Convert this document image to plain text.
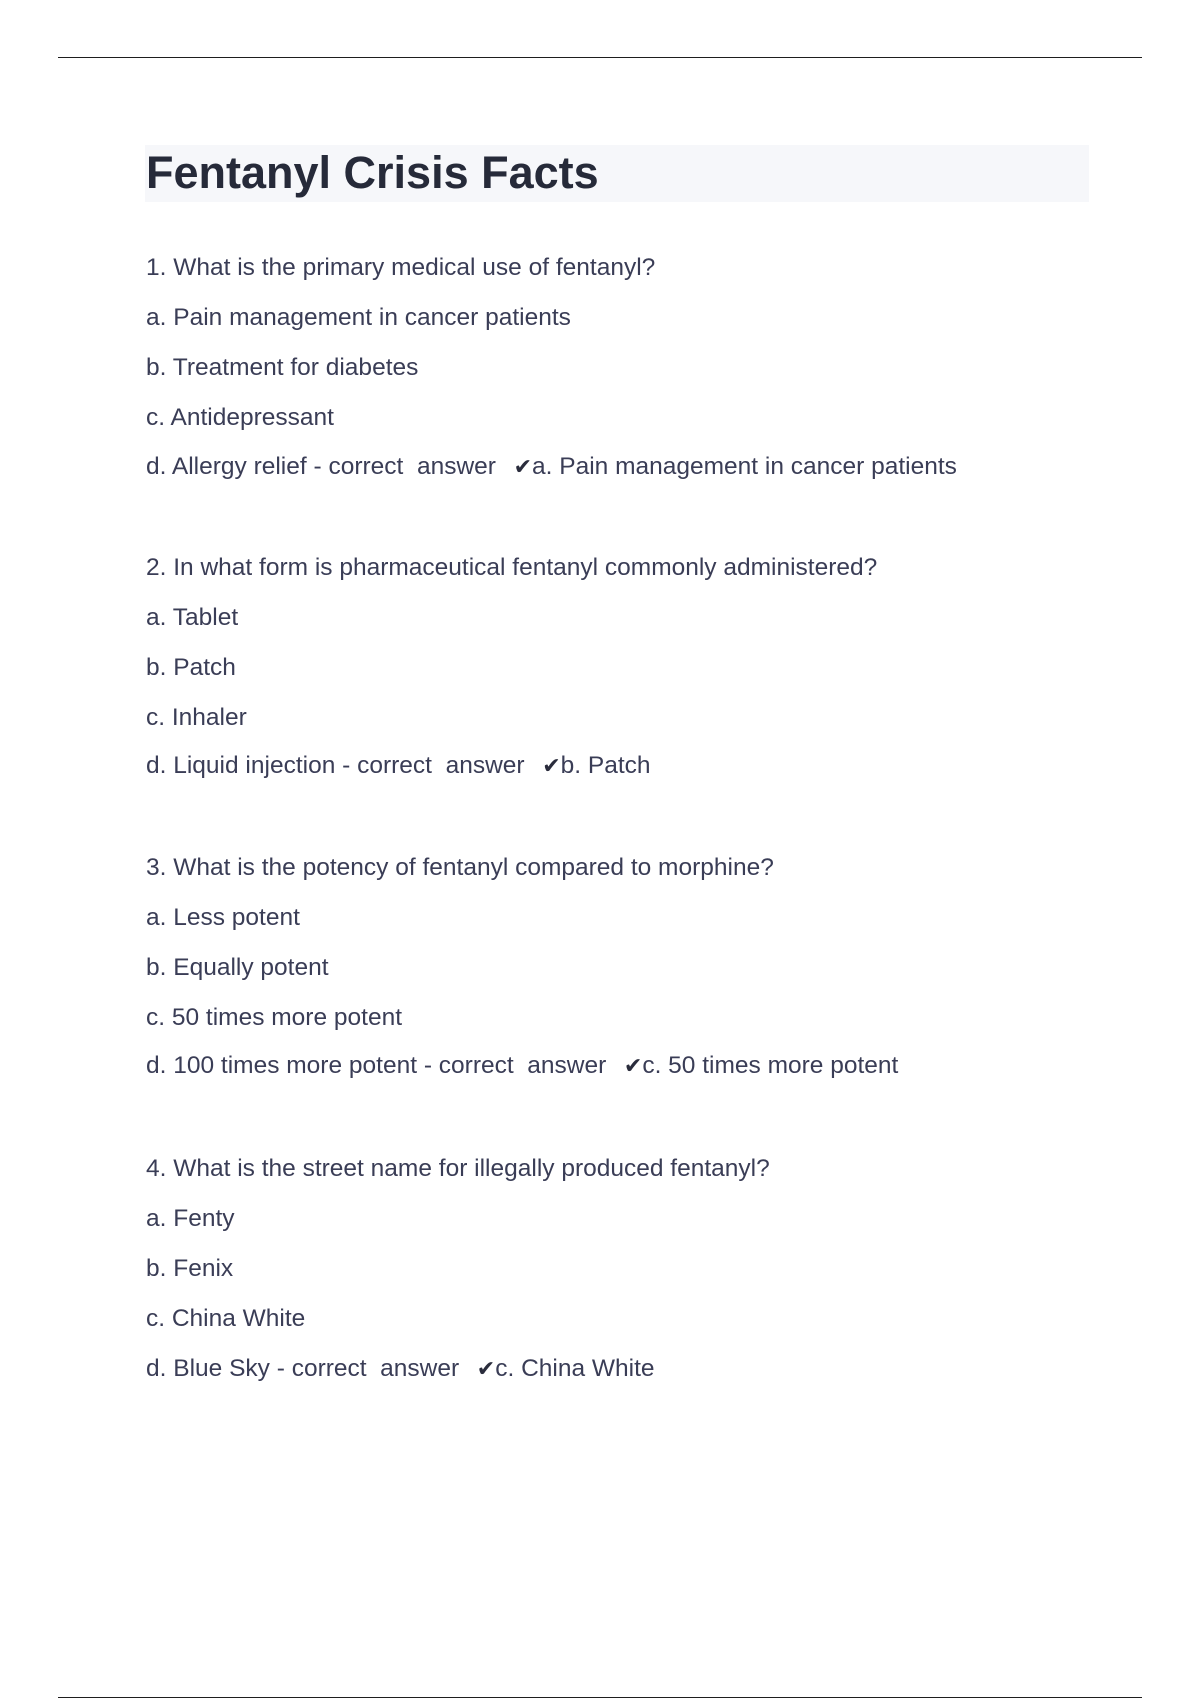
Fentanyl Crisis Facts

1. What is the primary medical use of fentanyl?

a. Pain management in cancer patients

b. Treatment for diabetes

c. Antidepressant

d. Allergy relief - correct  answer ✔a. Pain management in cancer patients

2. In what form is pharmaceutical fentanyl commonly administered?

a. Tablet

b. Patch

c. Inhaler

d. Liquid injection - correct  answer ✔b. Patch

3. What is the potency of fentanyl compared to morphine?

a. Less potent

b. Equally potent

c. 50 times more potent

d. 100 times more potent - correct  answer ✔c. 50 times more potent

4. What is the street name for illegally produced fentanyl?

a. Fenty

b. Fenix

c. China White

d. Blue Sky - correct  answer ✔c. China White
